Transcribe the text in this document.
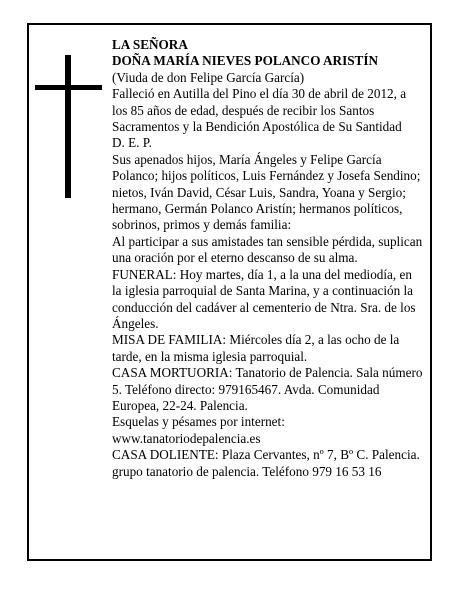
LA SEÑORA

DOÑA MARÍA NIEVES POLANCO ARISTÍN

(Viuda de don Felipe García García)

Falleció en Autilla del Pino el día 30 de abril de 2012, a los 85 años de edad, después de recibir los Santos Sacramentos y la Bendición Apostólica de Su Santidad

D. E. P.

Sus apenados hijos, María Ángeles y Felipe García Polanco; hijos políticos, Luis Fernández y Josefa Sendino; nietos, Iván David, César Luis, Sandra, Yoana y Sergio; hermano, Germán Polanco Aristín; hermanos políticos, sobrinos, primos y demás familia:

Al participar a sus amistades tan sensible pérdida, suplican una oración por el eterno descanso de su alma.

FUNERAL: Hoy martes, día 1, a la una del mediodía, en la iglesia parroquial de Santa Marina, y a continuación la conducción del cadáver al cementerio de Ntra. Sra. de los Ángeles.

MISA DE FAMILIA: Miércoles día 2, a las ocho de la tarde, en la misma iglesia parroquial.

CASA MORTUORIA: Tanatorio de Palencia. Sala número 5. Teléfono directo: 979165467. Avda. Comunidad Europea, 22-24. Palencia.

Esquelas y pésames por internet:

www.tanatoriodepalencia.es

CASA DOLIENTE: Plaza Cervantes, nº 7, Bº C. Palencia.

grupo tanatorio de palencia. Teléfono 979 16 53 16
